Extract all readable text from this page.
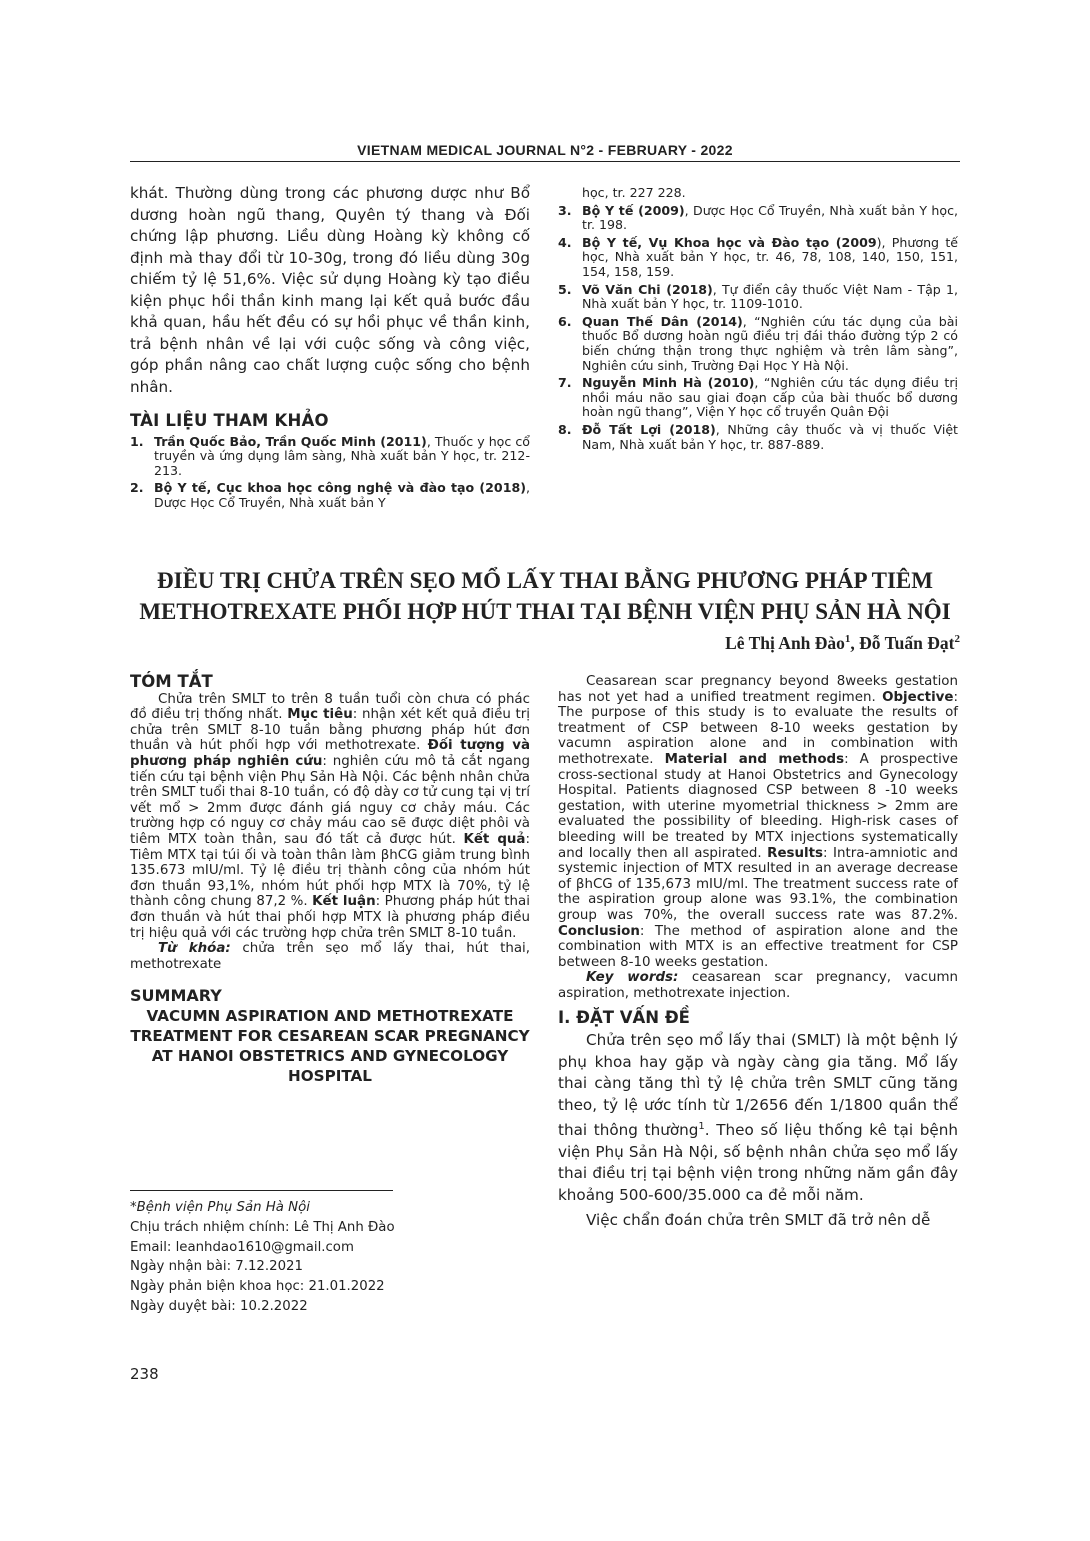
VIETNAM MEDICAL JOURNAL N°2 - FEBRUARY - 2022

khát. Thường dùng trong các phương dược như Bổ dương hoàn ngũ thang, Quyên tý thang và Đối chứng lập phương. Liều dùng Hoàng kỳ không cố định mà thay đổi từ 10-30g, trong đó liều dùng 30g chiếm tỷ lệ 51,6%. Việc sử dụng Hoàng kỳ tạo điều kiện phục hồi thần kinh mang lại kết quả bước đầu khả quan, hầu hết đều có sự hồi phục về thần kinh, trả bệnh nhân về lại với cuộc sống và công việc, góp phần nâng cao chất lượng cuộc sống cho bệnh nhân.

TÀI LIỆU THAM KHẢO

1. Trần Quốc Bảo, Trần Quốc Minh (2011), Thuốc y học cổ truyền và ứng dụng lâm sàng, Nhà xuất bản Y học, tr. 212- 213.

2. Bộ Y tế, Cục khoa học công nghệ và đào tạo (2018), Dược Học Cổ Truyền, Nhà xuất bản Y

học, tr. 227 228.

3. Bộ Y tế (2009), Dược Học Cổ Truyền, Nhà xuất bản Y học, tr. 198.

4. Bộ Y tế, Vụ Khoa học và Đào tạo (2009), Phương tế học, Nhà xuất bản Y học, tr. 46, 78, 108, 140, 150, 151, 154, 158, 159.

5. Võ Văn Chi (2018), Tự điển cây thuốc Việt Nam - Tập 1, Nhà xuất bản Y học, tr. 1109-1010.

6. Quan Thế Dân (2014), “Nghiên cứu tác dụng của bài thuốc Bổ dương hoàn ngũ điều trị đái tháo đường týp 2 có biến chứng thận trong thực nghiệm và trên lâm sàng”, Nghiên cứu sinh, Trường Đại Học Y Hà Nội.

7. Nguyễn Minh Hà (2010), “Nghiên cứu tác dụng điều trị nhồi máu não sau giai đoạn cấp của bài thuốc bổ dương hoàn ngũ thang”, Viện Y học cổ truyền Quân Đội

8. Đỗ Tất Lợi (2018), Những cây thuốc và vị thuốc Việt Nam, Nhà xuất bản Y học, tr. 887-889.

ĐIỀU TRỊ CHỬA TRÊN SẸO MỔ LẤY THAI BẰNG PHƯƠNG PHÁP TIÊM
METHOTREXATE PHỐI HỢP HÚT THAI TẠI BỆNH VIỆN PHỤ SẢN HÀ NỘI
Lê Thị Anh Đào$^1$, Đỗ Tuấn Đạt$^2$

TÓM TẮT

Chửa trên SMLT to trên 8 tuần tuổi còn chưa có phác đồ điều trị thống nhất. Mục tiêu: nhận xét kết quả điều trị chửa trên SMLT 8-10 tuần bằng phương pháp hút đơn thuần và hút phối hợp với methotrexate. Đối tượng và phương pháp nghiên cứu: nghiên cứu mô tả cắt ngang tiến cứu tại bệnh viện Phụ Sản Hà Nội. Các bệnh nhân chửa trên SMLT tuổi thai 8-10 tuần, có độ dày cơ tử cung tại vị trí vết mổ > 2mm được đánh giá nguy cơ chảy máu. Các trường hợp có nguy cơ chảy máu cao sẽ được diệt phôi và tiêm MTX toàn thân, sau đó tất cả được hút. Kết quả: Tiêm MTX tại túi ối và toàn thân làm βhCG giảm trung bình 135.673 mIU/ml. Tỷ lệ điều trị thành công của nhóm hút đơn thuần 93,1%, nhóm hút phối hợp MTX là 70%, tỷ lệ thành công chung 87,2 %. Kết luận: Phương pháp hút thai đơn thuần và hút thai phối hợp MTX là phương pháp điều trị hiệu quả với các trường hợp chửa trên SMLT 8-10 tuần.

Từ khóa: chửa trên sẹo mổ lấy thai, hút thai, methotrexate

SUMMARY

VACUMN ASPIRATION AND METHOTREXATE TREATMENT FOR CESAREAN SCAR PREGNANCY AT HANOI OBSTETRICS AND GYNECOLOGY HOSPITAL

*Bệnh viện Phụ Sản Hà Nội

Chịu trách nhiệm chính: Lê Thị Anh Đào

Email: leanhdao1610@gmail.com

Ngày nhận bài: 7.12.2021

Ngày phản biện khoa học: 21.01.2022

Ngày duyệt bài: 10.2.2022

Ceasarean scar pregnancy beyond 8weeks gestation has not yet had a unified treatment regimen. Objective: The purpose of this study is to evaluate the results of treatment of CSP between 8-10 weeks gestation by vacumn aspiration alone and in combination with methotrexate. Material and methods: A prospective cross-sectional study at Hanoi Obstetrics and Gynecology Hospital. Patients diagnosed CSP between 8 -10 weeks gestation, with uterine myometrial thickness > 2mm are evaluated the possibility of bleeding. High-risk cases of bleeding will be treated by MTX injections systematically and locally then all aspirated. Results: Intra-amniotic and systemic injection of MTX resulted in an average decrease of βhCG of 135,673 mIU/ml. The treatment success rate of the aspiration group alone was 93.1%, the combination group was 70%, the overall success rate was 87.2%. Conclusion: The method of aspiration alone and the combination with MTX is an effective treatment for CSP between 8-10 weeks gestation.

Key words: ceasarean scar pregnancy, vacumn aspiration, methotrexate injection.

I. ĐẶT VẤN ĐỀ

Chửa trên sẹo mổ lấy thai (SMLT) là một bệnh lý phụ khoa hay gặp và ngày càng gia tăng. Mổ lấy thai càng tăng thì tỷ lệ chửa trên SMLT cũng tăng theo, tỷ lệ ước tính từ 1/2656 đến 1/1800 quần thể thai thông thường$^1$. Theo số liệu thống kê tại bệnh viện Phụ Sản Hà Nội, số bệnh nhân chửa sẹo mổ lấy thai điều trị tại bệnh viện trong những năm gần đây khoảng 500-600/35.000 ca đẻ mỗi năm.

Việc chẩn đoán chửa trên SMLT đã trở nên dễ

238
